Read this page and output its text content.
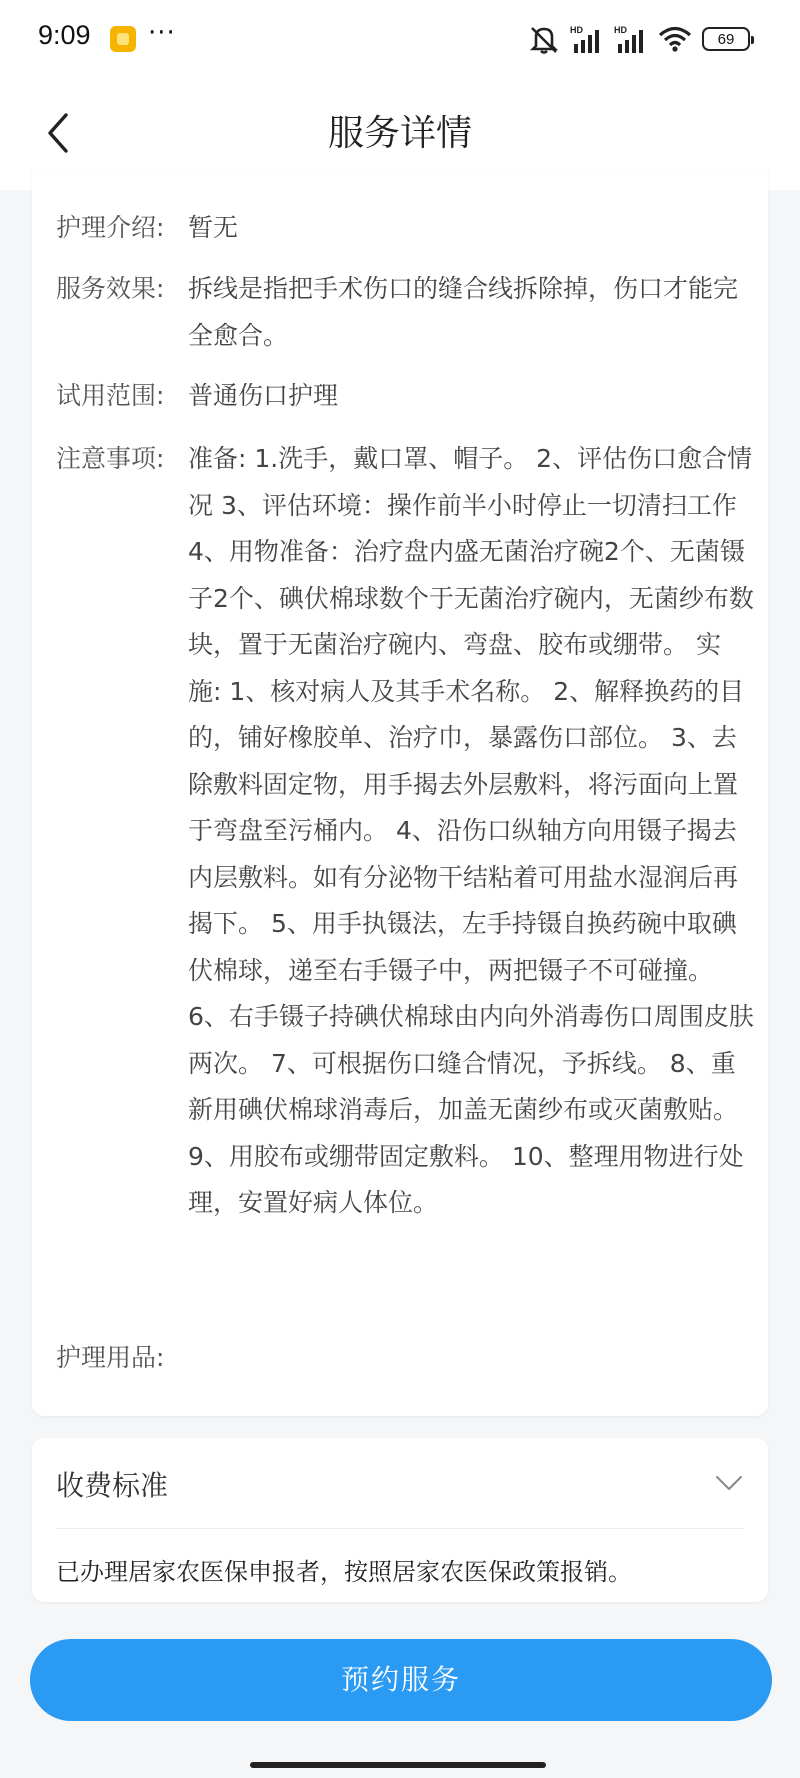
9:09 ···	HD	HD
69
服务详情
护理介绍: 暂无
服务效果: 拆线是指把手术伤口的缝合线拆除掉，伤口才能完全愈合。
试用范围: 普通伤口护理
注意事项: 准备: 1.洗手，戴口罩、帽子。 2、评估伤口愈合情况 3、评估环境：操作前半小时停止一切清扫工作 4、用物准备：治疗盘内盛无菌治疗碗2个、无菌镊子2个、碘伏棉球数个于无菌治疗碗内，无菌纱布数块，置于无菌治疗碗内、弯盘、胶布或绷带。 实施: 1、核对病人及其手术名称。 2、解释换药的目的，铺好橡胶单、治疗巾，暴露伤口部位。 3、去除敷料固定物，用手揭去外层敷料，将污面向上置于弯盘至污桶内。 4、沿伤口纵轴方向用镊子揭去内层敷料。如有分泌物干结粘着可用盐水湿润后再揭下。 5、用手执镊法，左手持镊自换药碗中取碘伏棉球，递至右手镊子中，两把镊子不可碰撞。 6、右手镊子持碘伏棉球由内向外消毒伤口周围皮肤两次。 7、可根据伤口缝合情况，予拆线。 8、重新用碘伏棉球消毒后，加盖无菌纱布或灭菌敷贴。 9、用胶布或绷带固定敷料。 10、整理用物进行处理，安置好病人体位。
护理用品:
收费标准
已办理居家农医保申报者，按照居家农医保政策报销。
预约服务
